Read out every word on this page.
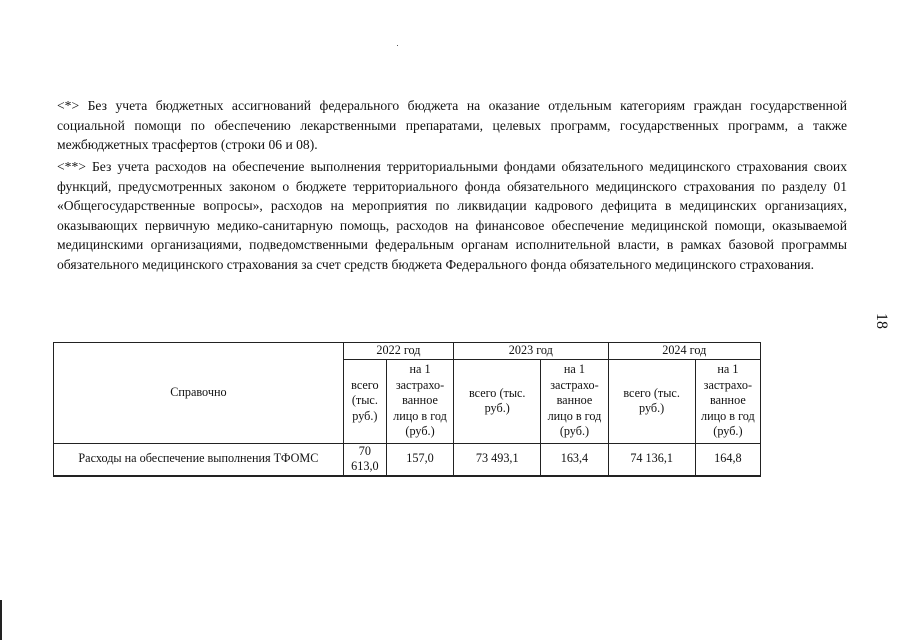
<*> Без учета бюджетных ассигнований федерального бюджета на оказание отдельным категориям граждан государственной социальной помощи по обеспечению лекарственными препаратами, целевых программ, государственных программ, а также межбюджетных трасфертов (строки 06 и 08).

<**> Без учета расходов на обеспечение выполнения территориальными фондами обязательного медицинского страхования своих функций, предусмотренных законом о бюджете территориального фонда обязательного медицинского страхования по разделу 01 «Общегосударственные вопросы», расходов на мероприятия по ликвидации кадрового дефицита в медицинских организациях, оказывающих первичную медико-санитарную помощь, расходов на финансовое обеспечение медицинской помощи, оказываемой медицинскими организациями, подведомственными федеральным органам исполнительной власти, в рамках базовой программы обязательного медицинского страхования за счет средств бюджета Федерального фонда обязательного медицинского страхования.

18
Справочно	2022 год		2023 год		2024 год	
	всего (тыс. руб.)	на 1 застрахо-ванное лицо в год (руб.)	всего (тыс. руб.)	на 1 застрахо-ванное лицо в год (руб.)	всего (тыс. руб.)	на 1 застрахо-ванное лицо в год (руб.)
Расходы на обеспечение выполнения ТФОМС	70 613,0	157,0	73 493,1	163,4	74 136,1	164,8
